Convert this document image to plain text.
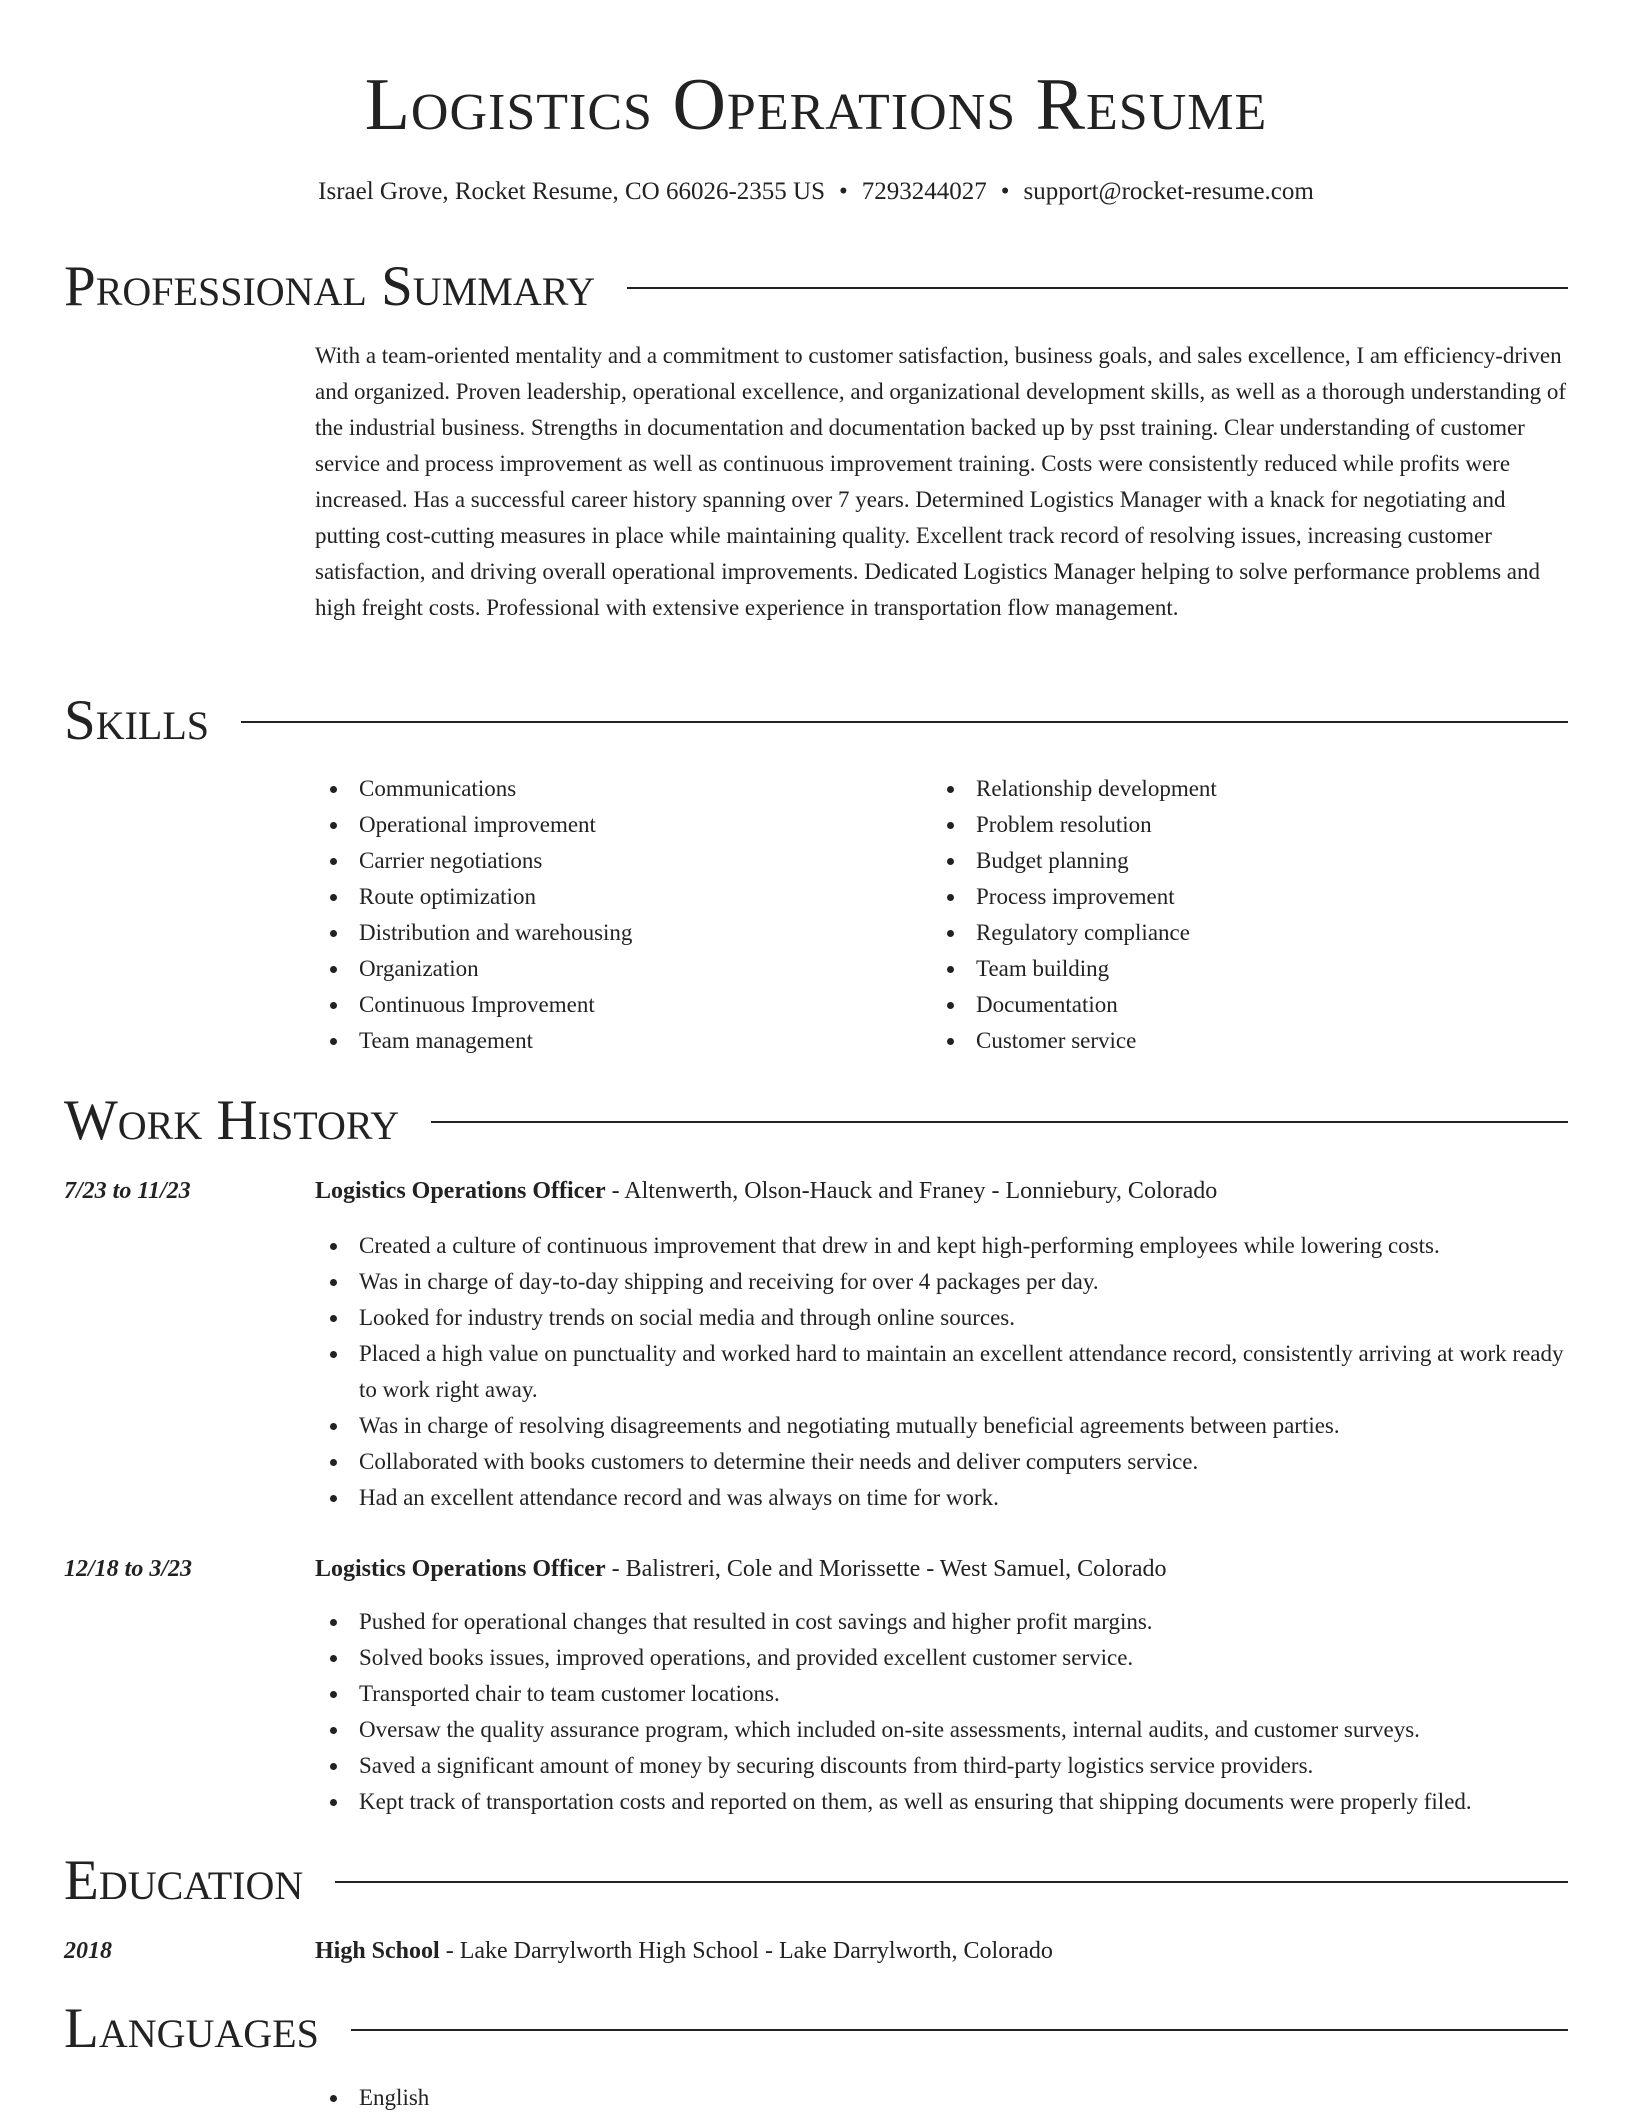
Logistics Operations Resume
Israel Grove, Rocket Resume, CO 66026-2355 US • 7293244027 • support@rocket-resume.com
Professional Summary
With a team-oriented mentality and a commitment to customer satisfaction, business goals, and sales excellence, I am efficiency-driven and organized. Proven leadership, operational excellence, and organizational development skills, as well as a thorough understanding of the industrial business. Strengths in documentation and documentation backed up by psst training. Clear understanding of customer service and process improvement as well as continuous improvement training. Costs were consistently reduced while profits were increased. Has a successful career history spanning over 7 years. Determined Logistics Manager with a knack for negotiating and putting cost-cutting measures in place while maintaining quality. Excellent track record of resolving issues, increasing customer satisfaction, and driving overall operational improvements. Dedicated Logistics Manager helping to solve performance problems and high freight costs. Professional with extensive experience in transportation flow management.
Skills
Communications
Operational improvement
Carrier negotiations
Route optimization
Distribution and warehousing
Organization
Continuous Improvement
Team management
Relationship development
Problem resolution
Budget planning
Process improvement
Regulatory compliance
Team building
Documentation
Customer service
Work History
7/23 to 11/23	Logistics Operations Officer - Altenwerth, Olson-Hauck and Franey - Lonniebury, Colorado
Created a culture of continuous improvement that drew in and kept high-performing employees while lowering costs.
Was in charge of day-to-day shipping and receiving for over 4 packages per day.
Looked for industry trends on social media and through online sources.
Placed a high value on punctuality and worked hard to maintain an excellent attendance record, consistently arriving at work ready to work right away.
Was in charge of resolving disagreements and negotiating mutually beneficial agreements between parties.
Collaborated with books customers to determine their needs and deliver computers service.
Had an excellent attendance record and was always on time for work.
12/18 to 3/23	Logistics Operations Officer - Balistreri, Cole and Morissette - West Samuel, Colorado
Pushed for operational changes that resulted in cost savings and higher profit margins.
Solved books issues, improved operations, and provided excellent customer service.
Transported chair to team customer locations.
Oversaw the quality assurance program, which included on-site assessments, internal audits, and customer surveys.
Saved a significant amount of money by securing discounts from third-party logistics service providers.
Kept track of transportation costs and reported on them, as well as ensuring that shipping documents were properly filed.
Education
2018	High School - Lake Darrylworth High School - Lake Darrylworth, Colorado
Languages
English
